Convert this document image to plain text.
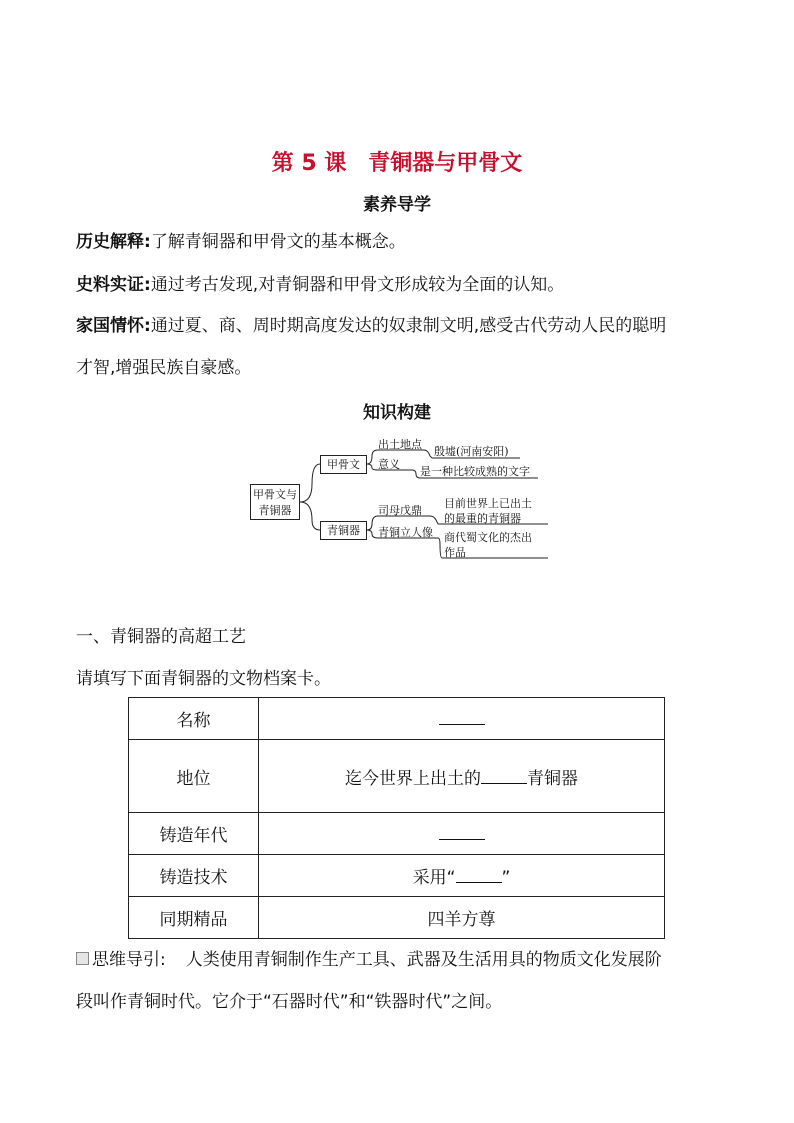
第 5 课　青铜器与甲骨文
素养导学
历史解释:了解青铜器和甲骨文的基本概念。
史料实证:通过考古发现,对青铜器和甲骨文形成较为全面的认知。
家国情怀:通过夏、商、周时期高度发达的奴隶制文明,感受古代劳动人民的聪明
才智,增强民族自豪感。
知识构建
甲骨文与
青铜器
甲骨文
青铜器
出土地点
殷墟(河南安阳)
意义
是一种比较成熟的文字
司母戊鼎
目前世界上已出土
的最重的青铜器
青铜立人像 商代蜀文化的杰出
作品
一、青铜器的高超工艺
请填写下面青铜器的文物档案卡。
名称	
地位	迄今世界上出土的 青铜器
铸造年代	
铸造技术	采用“ ”
同期精品	四羊方尊
思维导引: 人类使用青铜制作生产工具、武器及生活用具的物质文化发展阶
段叫作青铜时代。它介于“石器时代”和“铁器时代”之间。
